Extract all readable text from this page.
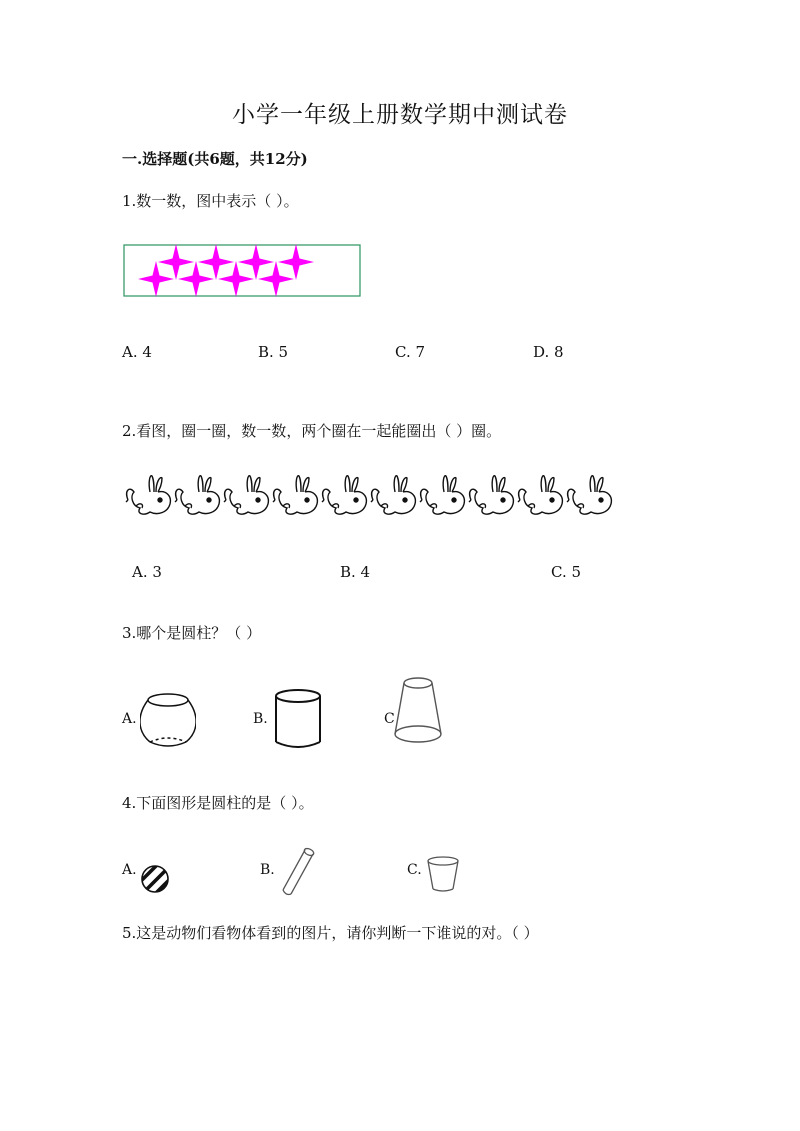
小学一年级上册数学期中测试卷
一.选择题(共6题，共12分)
1.数一数，图中表示（ ）。
A. 4	B. 5	C. 7	D. 8
2.看图，圈一圈，数一数，两个圈在一起能圈出（ ）圈。
A. 3	B. 4	C. 5
3.哪个是圆柱？（ ）
A.	B.	C
4.下面图形是圆柱的是（ ）。
A.	B.	C.
5.这是动物们看物体看到的图片，请你判断一下谁说的对。（ ）
